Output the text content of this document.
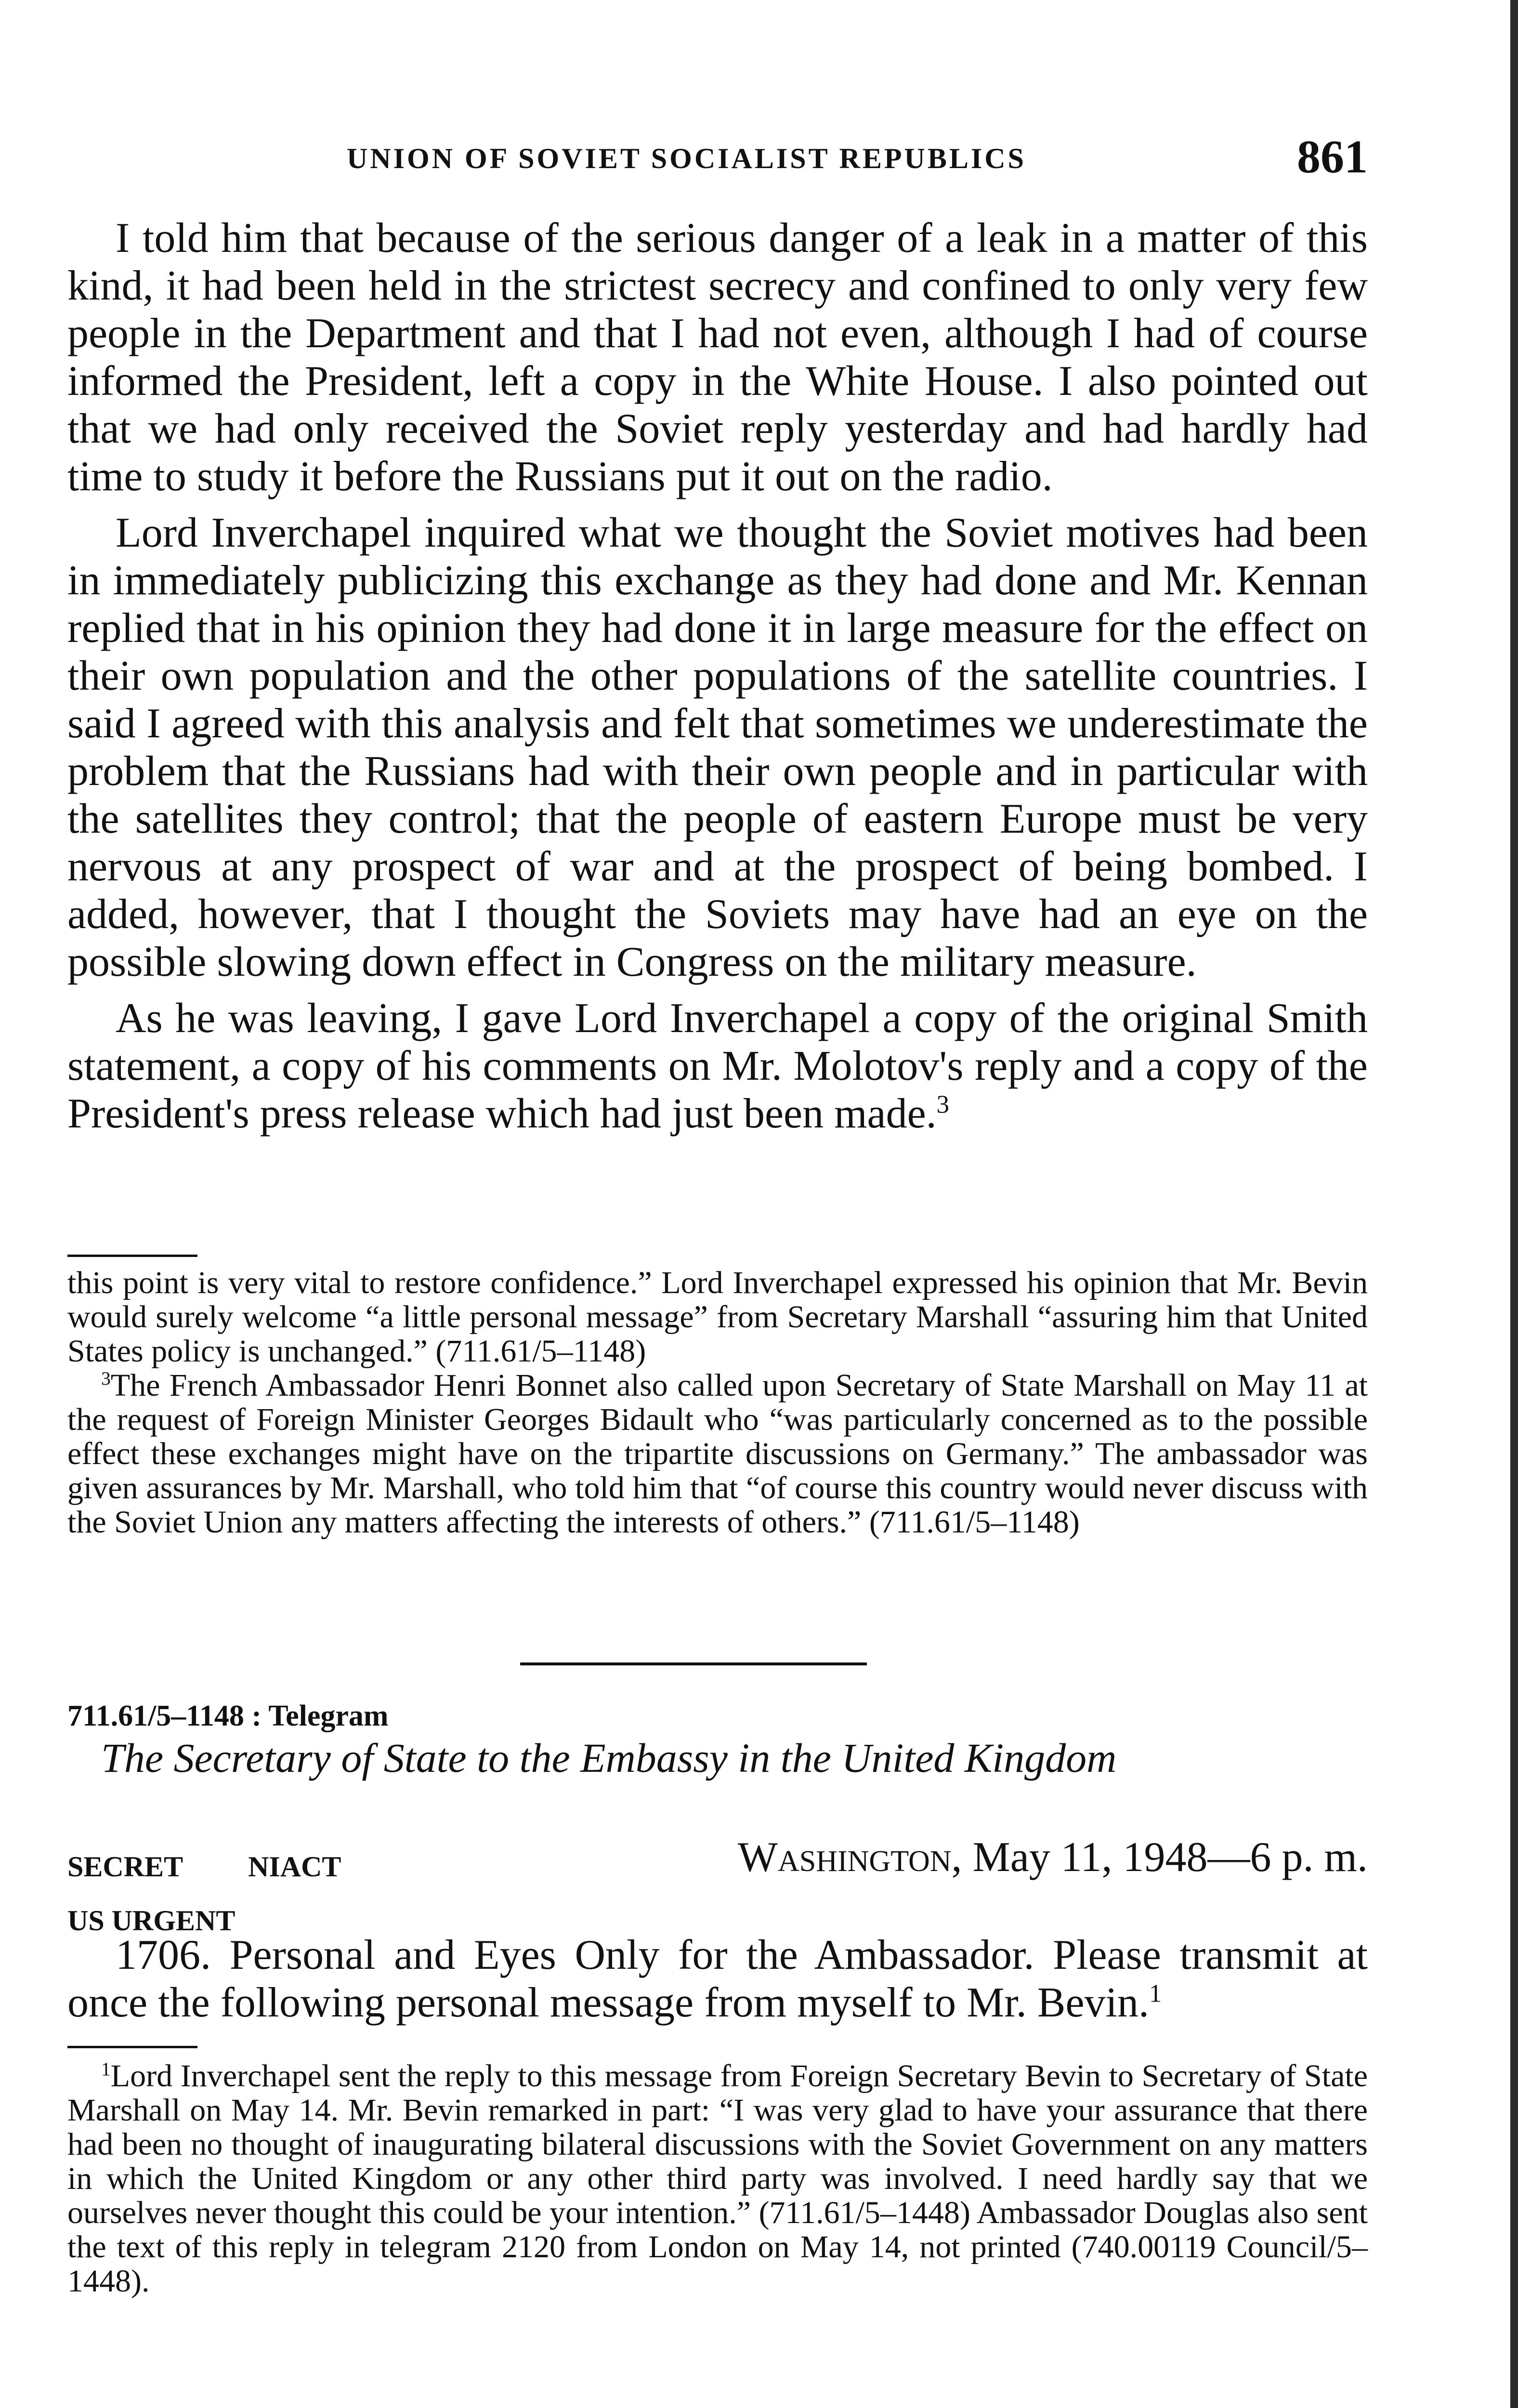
UNION OF SOVIET SOCIALIST REPUBLICS	861

I told him that because of the serious danger of a leak in a matter of this kind, it had been held in the strictest secrecy and confined to only very few people in the Department and that I had not even, although I had of course informed the President, left a copy in the White House. I also pointed out that we had only received the Soviet reply yesterday and had hardly had time to study it before the Russians put it out on the radio.

Lord Inverchapel inquired what we thought the Soviet motives had been in immediately publicizing this exchange as they had done and Mr. Kennan replied that in his opinion they had done it in large measure for the effect on their own population and the other populations of the satellite countries. I said I agreed with this analysis and felt that sometimes we underestimate the problem that the Russians had with their own people and in particular with the satellites they control; that the people of eastern Europe must be very nervous at any prospect of war and at the prospect of being bombed. I added, however, that I thought the Soviets may have had an eye on the possible slowing down effect in Congress on the military measure.

As he was leaving, I gave Lord Inverchapel a copy of the original Smith statement, a copy of his comments on Mr. Molotov's reply and a copy of the President's press release which had just been made.$^3$

this point is very vital to restore confidence.” Lord Inverchapel expressed his opinion that Mr. Bevin would surely welcome “a little personal message” from Secretary Marshall “assuring him that United States policy is unchanged.” (711.61/5–1148)

$^3$The French Ambassador Henri Bonnet also called upon Secretary of State Marshall on May 11 at the request of Foreign Minister Georges Bidault who “was particularly concerned as to the possible effect these exchanges might have on the tripartite discussions on Germany.” The ambassador was given assurances by Mr. Marshall, who told him that “of course this country would never discuss with the Soviet Union any matters affecting the interests of others.” (711.61/5–1148)

711.61/5–1148 : Telegram
The Secretary of State to the Embassy in the United Kingdom
SECRET NIACT
US URGENT
Washington, May 11, 1948—6 p. m.

1706. Personal and Eyes Only for the Ambassador. Please transmit at once the following personal message from myself to Mr. Bevin.$^1$

$^1$Lord Inverchapel sent the reply to this message from Foreign Secretary Bevin to Secretary of State Marshall on May 14. Mr. Bevin remarked in part: “I was very glad to have your assurance that there had been no thought of inaugurating bilateral discussions with the Soviet Government on any matters in which the United Kingdom or any other third party was involved. I need hardly say that we ourselves never thought this could be your intention.” (711.61/5–1448) Ambassador Douglas also sent the text of this reply in telegram 2120 from London on May 14, not printed (740.00119 Council/5–1448).
